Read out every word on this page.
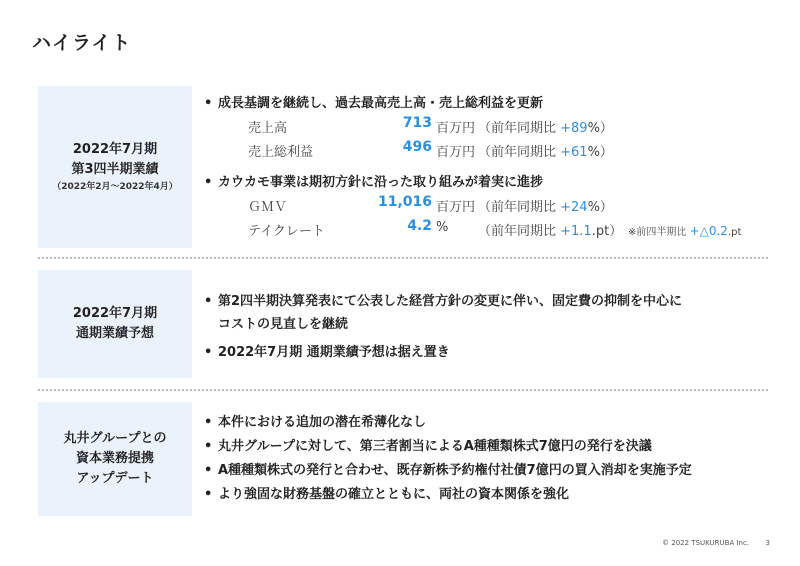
ハイライト
2022年7月期
第3四半期業績
（2022年2月～2022年4月）
• 成長基調を継続し、過去最高売上高・売上総利益を更新
売上高	713 百万円 （前年同期比 +89%）
売上総利益	496 百万円 （前年同期比 +61%）
• カウカモ事業は期初方針に沿った取り組みが着実に進捗
ＧＭＶ	11,016 百万円 （前年同期比 +24%）
テイクレート	4.2 % （前年同期比 +1.1.pt） ※前四半期比 +△0.2.pt
2022年7月期
通期業績予想
• 第2四半期決算発表にて公表した経営方針の変更に伴い、固定費の抑制を中心に
コストの見直しを継続
• 2022年7月期 通期業績予想は据え置き
丸井グループとの
資本業務提携
アップデート
• 本件における追加の潜在希薄化なし
• 丸井グループに対して、第三者割当によるA種種類株式7億円の発行を決議
• A種種類株式の発行と合わせ、既存新株予約権付社債7億円の買入消却を実施予定
• より強固な財務基盤の確立とともに、両社の資本関係を強化
© 2022 TSUKURUBA Inc. 3
